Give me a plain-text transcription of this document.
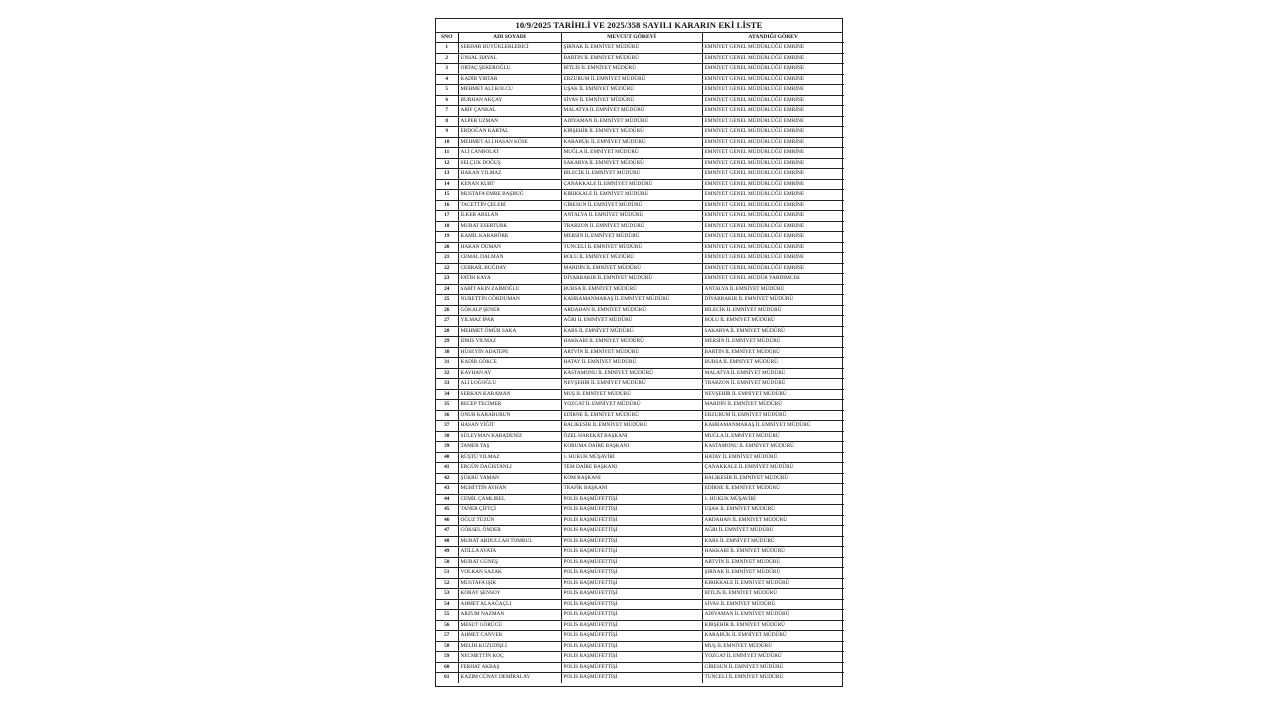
10/9/2025 TARİHLİ VE 2025/358 SAYILI KARARIN EKİ LİSTE
SNO	ADI SOYADI	MEVCUT GÖREVİ	ATANDIĞI GÖREV
1	SERDAR BÜYÜKLERLEBİCİ	ŞIRNAK İL EMNİYET MÜDÜRÜ	EMNİYET GENEL MÜDÜRLÜĞÜ EMRİNE
2	ÜNSAL HAYAL	BARTIN İL EMNİYET MÜDÜRÜ	EMNİYET GENEL MÜDÜRLÜĞÜ EMRİNE
3	ORTAÇ ŞEKEROĞLU	BİTLİS İL EMNİYET MÜDÜRÜ	EMNİYET GENEL MÜDÜRLÜĞÜ EMRİNE
4	KADİR YIRTAR	ERZURUM İL EMNİYET MÜDÜRÜ	EMNİYET GENEL MÜDÜRLÜĞÜ EMRİNE
5	MEHMET ALİ KOLCU	UŞAK İL EMNİYET MÜDÜRÜ	EMNİYET GENEL MÜDÜRLÜĞÜ EMRİNE
6	BURHAN AKÇAY	SİVAS İL EMNİYET MÜDÜRÜ	EMNİYET GENEL MÜDÜRLÜĞÜ EMRİNE
7	ARİF ÇANKAL	MALATYA İL EMNİYET MÜDÜRÜ	EMNİYET GENEL MÜDÜRLÜĞÜ EMRİNE
8	ALPER UZMAN	ADIYAMAN İL EMNİYET MÜDÜRÜ	EMNİYET GENEL MÜDÜRLÜĞÜ EMRİNE
9	ERDOĞAN KARTAL	KIRŞEHİR İL EMNİYET MÜDÜRÜ	EMNİYET GENEL MÜDÜRLÜĞÜ EMRİNE
10	MEHMET ALİ HASAN KÖSE	KARABÜK İL EMNİYET MÜDÜRÜ	EMNİYET GENEL MÜDÜRLÜĞÜ EMRİNE
11	ALİ CANBOLAT	MUĞLA İL EMNİYET MÜDÜRÜ	EMNİYET GENEL MÜDÜRLÜĞÜ EMRİNE
12	SELÇUK DOĞUŞ	SAKARYA İL EMNİYET MÜDÜRÜ	EMNİYET GENEL MÜDÜRLÜĞÜ EMRİNE
13	HAKAN YILMAZ	BİLECİK İL EMNİYET MÜDÜRÜ	EMNİYET GENEL MÜDÜRLÜĞÜ EMRİNE
14	KENAN KURT	ÇANAKKALE İL EMNİYET MÜDÜRÜ	EMNİYET GENEL MÜDÜRLÜĞÜ EMRİNE
15	MUSTAFA EMRE BAŞBUĞ	KIRIKKALE İL EMNİYET MÜDÜRÜ	EMNİYET GENEL MÜDÜRLÜĞÜ EMRİNE
16	TACETTİN ÇELEBİ	GİRESUN İL EMNİYET MÜDÜRÜ	EMNİYET GENEL MÜDÜRLÜĞÜ EMRİNE
17	İLKER ARSLAN	ANTALYA İL EMNİYET MÜDÜRÜ	EMNİYET GENEL MÜDÜRLÜĞÜ EMRİNE
18	MURAT ESERTÜRK	TRABZON İL EMNİYET MÜDÜRÜ	EMNİYET GENEL MÜDÜRLÜĞÜ EMRİNE
19	KAMİL KARABÖRK	MERSİN İL EMNİYET MÜDÜRÜ	EMNİYET GENEL MÜDÜRLÜĞÜ EMRİNE
20	HAKAN DUMAN	TUNCELİ İL EMNİYET MÜDÜRÜ	EMNİYET GENEL MÜDÜRLÜĞÜ EMRİNE
21	CEMAL DALMAN	BOLU İL EMNİYET MÜDÜRÜ	EMNİYET GENEL MÜDÜRLÜĞÜ EMRİNE
22	CEBRAİL BUĞDAY	MARDİN İL EMNİYET MÜDÜRÜ	EMNİYET GENEL MÜDÜRLÜĞÜ EMRİNE
23	FATİH KAYA	DİYARBAKIR İL EMNİYET MÜDÜRÜ	EMNİYET GENEL MÜDÜR YARDIMCISI
24	SABİT AKIN ZAİMOĞLU	BURSA İL EMNİYET MÜDÜRÜ	ANTALYA İL EMNİYET MÜDÜRÜ
25	NURETTİN GÖKDUMAN	KAHRAMANMARAŞ İL EMNİYET MÜDÜRÜ	DİYARBAKIR İL EMNİYET MÜDÜRÜ
26	GÖKALP ŞENER	ARDAHAN İL EMNİYET MÜDÜRÜ	BİLECİK İL EMNİYET MÜDÜRÜ
27	YILMAZ İPAR	AĞRI İL EMNİYET MÜDÜRÜ	BOLU İL EMNİYET MÜDÜRÜ
28	MEHMET ÖMÜR SAKA	KARS İL EMNİYET MÜDÜRÜ	SAKARYA İL EMNİYET MÜDÜRÜ
29	İDRİS YILMAZ	HAKKARİ İL EMNİYET MÜDÜRÜ	MERSİN İL EMNİYET MÜDÜRÜ
30	HÜSEYİN ADATEPE	ARTVİN İL EMNİYET MÜDÜRÜ	BARTIN İL EMNİYET MÜDÜRÜ
31	KADİR GÖKCE	HATAY İL EMNİYET MÜDÜRÜ	BURSA İL EMNİYET MÜDÜRÜ
32	KAYHAN AY	KASTAMONU İL EMNİYET MÜDÜRÜ	MALATYA İL EMNİYET MÜDÜRÜ
33	ALİ LOĞOĞLU	NEVŞEHİR İL EMNİYET MÜDÜRÜ	TRABZON İL EMNİYET MÜDÜRÜ
34	SERKAN KARAMAN	MUŞ İL EMNİYET MÜDÜRÜ	NEVŞEHİR İL EMNİYET MÜDÜRÜ
35	RECEP TECİMER	YOZGAT İL EMNİYET MÜDÜRÜ	MARDİN İL EMNİYET MÜDÜRÜ
36	ONUR KARABURUN	EDİRNE İL EMNİYET MÜDÜRÜ	ERZURUM İL EMNİYET MÜDÜRÜ
37	HASAN YİĞİT	BALIKESİR İL EMNİYET MÜDÜRÜ	KAHRAMANMARAŞ İL EMNİYET MÜDÜRÜ
38	SÜLEYMAN KARADENİZ	ÖZEL HAREKAT BAŞKANI	MUĞLA İL EMNİYET MÜDÜRÜ
39	TAMER TAŞ	KORUMA DAİRE BAŞKANI	KASTAMONU İL EMNİYET MÜDÜRÜ
40	RÜŞTÜ YILMAZ	1. HUKUK MÜŞAVİRİ	HATAY İL EMNİYET MÜDÜRÜ
41	ERGÜN DAĞISTANLI	TEM DAİRE BAŞKANI	ÇANAKKALE İL EMNİYET MÜDÜRÜ
42	ŞÜKRÜ YAMAN	KOM BAŞKANI	BALIKESİR İL EMNİYET MÜDÜRÜ
43	MUHİTTİN AYHAN	TRAFİK BAŞKANI	EDİRNE İL EMNİYET MÜDÜRÜ
44	CEMİL ÇAMLIBEL	POLİS BAŞMÜFETTİŞİ	1. HUKUK MÜŞAVİRİ
45	TANER ÇİFTÇİ	POLİS BAŞMÜFETTİŞİ	UŞAK İL EMNİYET MÜDÜRÜ
46	OĞUZ TÜZÜN	POLİS BAŞMÜFETTİŞİ	ARDAHAN İL EMNİYET MÜDÜRÜ
47	GÖKSEL ÖNDER	POLİS BAŞMÜFETTİŞİ	AĞRI İL EMNİYET MÜDÜRÜ
48	MURAT ABDULLAH TOMBUL	POLİS BAŞMÜFETTİŞİ	KARS İL EMNİYET MÜDÜRÜ
49	ATİLLA AYATA	POLİS BAŞMÜFETTİŞİ	HAKKARİ İL EMNİYET MÜDÜRÜ
50	MURAT GÜNEŞ	POLİS BAŞMÜFETTİŞİ	ARTVİN İL EMNİYET MÜDÜRÜ
51	VOLKAN SAZAK	POLİS BAŞMÜFETTİŞİ	ŞIRNAK İL EMNİYET MÜDÜRÜ
52	MUSTAFA IŞIK	POLİS BAŞMÜFETTİŞİ	KIRIKKALE İL EMNİYET MÜDÜRÜ
53	KORAY ŞENSOY	POLİS BAŞMÜFETTİŞİ	BİTLİS İL EMNİYET MÜDÜRÜ
54	AHMET ALAAĞAÇLI	POLİS BAŞMÜFETTİŞİ	SİVAS İL EMNİYET MÜDÜRÜ
55	ARZUM NAZMAN	POLİS BAŞMÜFETTİŞİ	ADIYAMAN İL EMNİYET MÜDÜRÜ
56	MESUT GÖRÜCÜ	POLİS BAŞMÜFETTİŞİ	KIRŞEHİR İL EMNİYET MÜDÜRÜ
57	AHMET CANVER	POLİS BAŞMÜFETTİŞİ	KARABÜK İL EMNİYET MÜDÜRÜ
58	MELİH KUZUDİŞLİ	POLİS BAŞMÜFETTİŞİ	MUŞ İL EMNİYET MÜDÜRÜ
59	NECMETTİN KOÇ	POLİS BAŞMÜFETTİŞİ	YOZGAT İL EMNİYET MÜDÜRÜ
60	FERHAT AKBAŞ	POLİS BAŞMÜFETTİŞİ	GİRESUN İL EMNİYET MÜDÜRÜ
61	KAZIM GÜNAY DEMİRALAY	POLİS BAŞMÜFETTİŞİ	TUNCELİ İL EMNİYET MÜDÜRÜ
